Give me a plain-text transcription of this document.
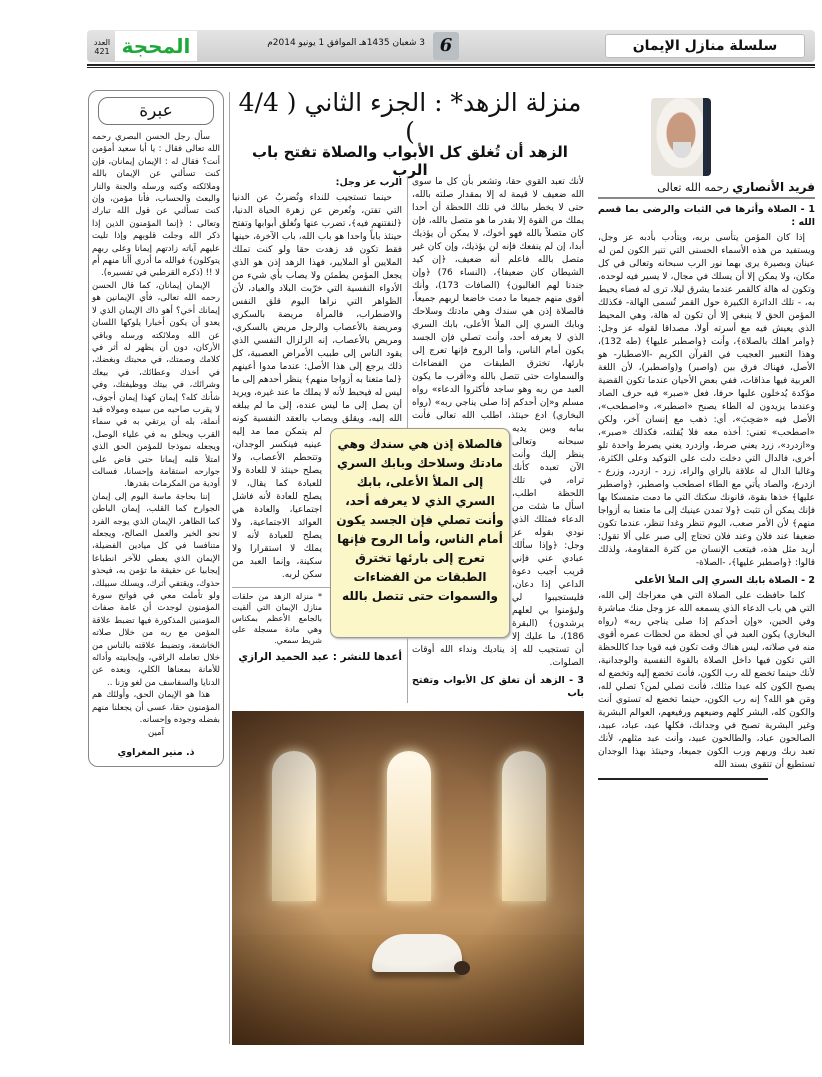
سلسلة منازل الإيمان
6
3 شعبان 1435هـ الموافق 1 يونيو 2014م
المحجة
العدد 421
عبرة

سأل رجل الحسن البصري رحمه الله تعالى فقال : يا أبا سعيد أمؤمن أنت؟ فقال له : الإيمان إيمانان، فإن كنت تسألني عن الإيمان بالله وملائكته وكتبه ورسله والجنة والنار والبعث والحساب، فأنا مؤمن، وإن كنت تسألني عن قول الله تبارك وتعالى : ﴿إنما المؤمنون الذين إذا ذكر الله وجلت قلوبهم وإذا تليت عليهم آياته زادتهم إيمانا وعلى ربهم يتوكلون﴾ فوالله ما أدري أأنا منهم أم لا !! (ذكره القرطبي في تفسيره).

الإيمان إيمانان، كما قال الحسن رحمه الله تعالى، فأي الإيمانين هو إيمانك أخي؟ أهو ذاك الإيمان الذي لا يعدو أن يكون أخبارا يلوكها اللسان عن الله وملائكته ورسله وباقي الأركان، دون أن يظهر له أثر في كلامك وصمتك، في محبتك وبغضك، في أخذك وعطائك، في بيعك وشرائك، في بيتك ووظيفتك، وفي شأنك كله؟ إيمان كهذا إيمان أجوف، لا يقرب صاحبه من سيده ومولاه قيد أنملة، بله أن يرتقي به في سماء القرب ويحلق به في علياء الوصل، ويجعله نموذجا للمؤمن الحق الذي امتلأ قلبه إيمانا حتى فاض على جوارحه استقامة وإحسانا، فسالت أودية من المكرمات بقدرها.

إننا بحاجة ماسة اليوم إلى إيمان الجوارح كما القلب، إيمان الباطن كما الظاهر، الإيمان الذي يوجه الفرد نحو الخير والعمل الصالح، ويجعله متنافسا في كل ميادين الفضيلة، الإيمان الذي يعطي للآخر انطباعا إيجابيا عن حقيقة ما تؤمن به، فيحذو حذوك، ويقتفي أثرك، ويسلك سبيلك، ولو تأملت معي في فواتح سورة المؤمنون لوجدت أن عامة صفات المؤمنين المذكورة فيها تضبط علاقة المؤمن مع ربه من خلال صلاته الخاشعة، وتضبط علاقته بالناس من خلال تعامله الراقي، وإيجابيته وأدائه للأمانة بمعناها الكلي، وبعده عن الدنايا والسفاسف من لغو وزنا ..

هذا هو الإيمان الحق، وأولئك هم المؤمنون حقا، عسى أن يجعلنا منهم بفضله وجوده وإحسانه.

آمين

ذ. منير المغراوي
منزلة الزهد* : الجزء الثاني ( 4/4 )
الزهد أن تُغلق كل الأبواب والصلاة تفتح باب الرب
فريد الأنصاري رحمه الله تعالى
1 - الصلاة وأثرها في الثبات والرضى بما قسم الله :

إذا كان المؤمن يتأسى بربه، ويتأدب بأدبه عز وجل، ويستفيد من هذه الأسماء الحسنى التي تنير الكون لمن له عينان وبصيرة يرى بهما نور الرب سبحانه وتعالى في كل مكان، ولا يمكن إلا أن يسلك في مجال، لا يسير فيه لوحده، وتكون له هالة كالقمر عندما يشرق ليلا، ترى له فضاء يحيط به، - تلك الدائرة الكبيرة حول القمر تُسمى الهالة- فكذلك المؤمن الحق لا ينبغي إلا أن تكون له هالة، وهي المحيط الذي يعيش فيه مع أسرته أولا، مصداقا لقوله عز وجل:﴿وامر اهلك بالصلاة﴾، وأنت ﴿واصطبر عليها﴾ (طه 132)، وهذا التعبير العجيب في القرآن الكريم -الاصطبار- هو الأصل، فهناك فرق بين (واصبر) و(واصطبر)، لأن اللغة العربية فيها مذاقات، ففي بعض الأحيان عندما تكون القضية مؤكدة يُدخلون عليها حرفا، فعل «صبر» فيه حرف الصاد وعندما يزيدون له الطاء يصبح «اصطبر»، و«اصطحب»، الأصل فيه «صَحِبَ»، أي: ذهب مع إنسان آخر، ولكن «اصطحب» تعني: أخذه معه فلا يُفلته، فكذلك «صبر»، و«ازدرد»، زرد يعني صرط، وازدرد يعني يصرط واحدة تلو أخرى، فالدال التي دخلت دلت على التوكيد وعلى الكثرة، وغالبا الدال له علاقة بالزاي والراء، زرد - ازدرد، وزرع - ازدرع، والصاد يأتي مع الطاء اصطحب واصطبر، ﴿واصطبر عليها﴾ خذها بقوة، قانونك سكتك التي ما دمت متمسكا بها فإنك يمكن أن تثبت ﴿ولا تمدن عينيك إلى ما متعنا به أزواجا منهم﴾ لأن الأمر صعب، اليوم تنظر وغدا تنظر، عندما تكون ضعيفا عند فلان وعند فلان تحتاج إلى صبر على ألا تقول: أريد مثل هذه، فيتعب الإنسان من كثرة المقاومة، ولذلك قالوا: ﴿واصطبر عليها﴾، -الصلاة-

2 - الصلاة بابك السري إلى الملأ الأعلى

كلما حافظت على الصلاة التي هي معراجك إلى الله، التي هي باب الدعاء الذي يسمعه الله عز وجل منك مباشرة وفي الحين، «وإن أحدكم إذا صلى يناجي ربه» (رواه البخاري) يكون العبد في أي لحظة من لحظات عمره أقوى منه في صلاته، ليس هناك وقت تكون فيه قويا جدا كاللحظة التي تكون فيها داخل الصلاة بالقوة النفسية والوجدانية، لأنك حينما تخضع لله رب الكون، فأنت تخضع إليه وتخضع له يصبح الكون كله عبدا مثلك، فأنت تصلي لمن؟ تصلي لله، ومَن هو الله؟ إنه رب الكون، حينما تخضع له تستوي أنت والكون كله، البشر كلهم وضيعهم ورفيعهم، العوالم البشرية وغير البشرية تصبح في وجدانك، فكلها عبد، عباد، عبيد، الصالحون عباد، والطالحون عبيد، وأنت عبد مثلهم، لأنك تعبد ربك وربهم ورب الكون جميعا، وحينئذ بهذا الوجدان تستطيع أن تتقوى بسند الله

لأنك تعبد القوي حقا، وتشعر بأن كل ما سوى الله ضعيف لا قيمة له إلا بمقدار صلته بالله، حتى لا يخطر ببالك في تلك اللحظة أن أحدا يملك من القوة إلا بقدر ما هو متصل بالله، فإن كان متصلاً بالله فهو أخوك، لا يمكن أن يؤذيك أبدا، إن لم ينفعك فإنه لن يؤذيك، وإن كان غير متصل بالله فاعلم أنه ضعيف، ﴿إن كيد الشيطان كان ضعيفا﴾، (النساء 76) ﴿وإن جندنا لهم الغالبون﴾ (الصافات 173)، وأنك أقوى منهم جميعا ما دمت خاضعا لربهم جميعاً، فالصلاة إذن هي سندك وهي مادتك وسلاحك وبابك السري إلى الملأ الأعلى، بابك السري الذي لا يعرفه أحد، وأنت تصلي فإن الجسد يكون أمام الناس، وأما الروح فإنها تعرج إلى بارئها، تخترق الطبقات من الفضاءات والسماوات حتى تتصل بالله و«أقرب ما يكون العبد من ربه وهو ساجد فأكثروا الدعاء» رواه مسلم و«إن أحدكم إذا صلى يناجي ربه» (رواه البخاري) ادع حينئذ، اطلب الله تعالى فأنت ببابه وبين يديه سبحانه وتعالى ينظر إليك وأنت الآن تعبده كأنك تراه، في تلك اللحظة اطلب، اسأل ما شئت من الدعاء فمثلك الذي نودي بقوله عز وجل: ﴿وإذا سألك عبادي عني فإني قريب أجيب دعوة الداعي إذا دعان، فليستجيبوا لي وليؤمنوا بي لعلهم يرشدون﴾ (البقرة 186)، ما عليك إلا أن تستجيب لله إذ يناديك ونداء الله أوقات الصلوات.

3 - الزهد أن تغلق كل الأبواب وتفتح باب
الرب عز وجل:

حينما تستجيب للنداء وتُضربُ عن الدنيا التي تفتن، وتُعرض عن زهرة الحياة الدنيا، ﴿لنفتنهم فيه﴾، تضرب عنها وتُغلق أبوابها وتفتح حينئذ باباً واحدا هو باب الله، باب الآخرة، حينها فقط تكون قد زهدت حقا ولو كنت تملك الملايين أو الملايير، فهذا الزهد إذن هو الذي يجعل المؤمن يطمئن ولا يصاب بأي شيء من الأدواء النفسية التي خرّبت البلاد والعباد، لأن الظواهر التي نراها اليوم قلق النفس والاضطراب، فالمرأة مريضة بالسكري ومريضة بالأعصاب والرجل مريض بالسكري، ومريض بالأعصاب، إنه الزلزال النفسي الذي يقود الناس إلى طبيب الأمراض العصبية، كل ذلك يرجع إلى هذا الأصل: عندما مدوا أعينهم ﴿لما متعنا به أزواجا منهم﴾ ينظر أحدهم إلى ما ليس له فيحبط لأنه لا يملك ما عند غيره، ويريد أن يصل إلى ما ليس عنده، إلى ما لم يبلغه الله إليه، ويقلق ويصاب بالعقد النفسية كونه لم يتمكن مما مد إليه عينيه فينكسر الوجدان، وتتحطم الأعصاب، ولا يصلح حينئذ لا للعادة ولا للعبادة كما يقال، لا يصلح للعادة لأنه فاشل اجتماعيا، والعادة هي العوائد الاجتماعية، ولا يصلح للعبادة لأنه لا يملك لا استقرارا ولا سكينة، وإنما العبد من سكن لربه.

* منزلة الزهد من حلقات منازل الإيمان التي ألقيت بالجامع الأعظم بمكناس وهي مادة مسجلة على شريط سمعي.
أعدها للنشر : عبد الحميد الرازي
فالصلاة إذن هي سندك وهي مادتك وسلاحك وبابك السري إلى الملأ الأعلى، بابك السري الذي لا يعرفه أحد، وأنت تصلي فإن الجسد يكون أمام الناس، وأما الروح فإنها تعرج إلى بارئها تخترق الطبقات من الفضاءات والسموات حتى تتصل بالله
